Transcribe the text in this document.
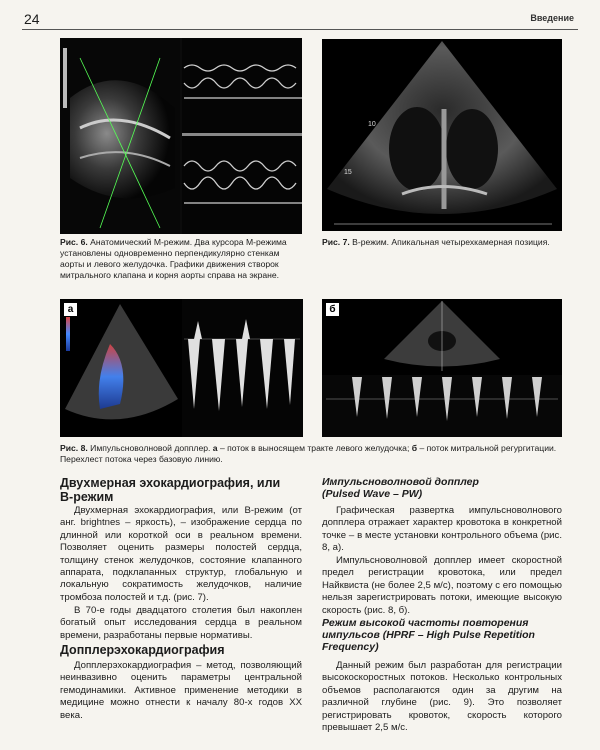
24	Введение
Рис. 6. Анатомический М-режим. Два курсора М-режима установлены одновременно перпендикулярно стенкам аорты и левого желудочка. Графики движения створок митрального клапана и корня аорты справа на экране.
10
15
Рис. 7. В-режим. Апикальная четырехкамерная позиция.
а	б
Рис. 8. Импульсноволновой допплер. а – поток в выносящем тракте левого желудочка; б – поток митральной регургитации. Перехлест потока через базовую линию.
Двухмерная эхокардиография, или В-режим
Двухмерная эхокардиография, или В-режим (от анг. brightnes – яркость), – изображение сердца по длинной или короткой оси в реальном времени. Позволяет оценить размеры полостей сердца, толщину стенок желудочков, состояние клапанного аппарата, подклапанных структур, глобальную и локальную сократимость желудочков, наличие тромбоза полостей и т.д. (рис. 7).
В 70-е годы двадцатого столетия был накоплен богатый опыт исследования сердца в реальном времени, разработаны первые нормативы.
Допплерэхокардиография
Допплерэхокардиография – метод, позволяющий неинвазивно оценить параметры центральной гемодинамики. Активное применение методики в медицине можно отнести к началу 80-х годов XX века.
Импульсноволновой допплер (Pulsed Wave – PW)
Графическая развертка импульсноволнового допплера отражает характер кровотока в конкретной точке – в месте установки контрольного объема (рис. 8, а).
Импульсноволновой допплер имеет скоростной предел регистрации кровотока, или предел Найквиста (не более 2,5 м/с), поэтому с его помощью нельзя зарегистрировать потоки, имеющие высокую скорость (рис. 8, б).
Режим высокой частоты повторения импульсов (HPRF – High Pulse Repetition Frequency)
Данный режим был разработан для регистрации высокоскоростных потоков. Несколько контрольных объемов располагаются один за другим на различной глубине (рис. 9). Это позволяет регистрировать кровоток, скорость которого превышает 2,5 м/с.
